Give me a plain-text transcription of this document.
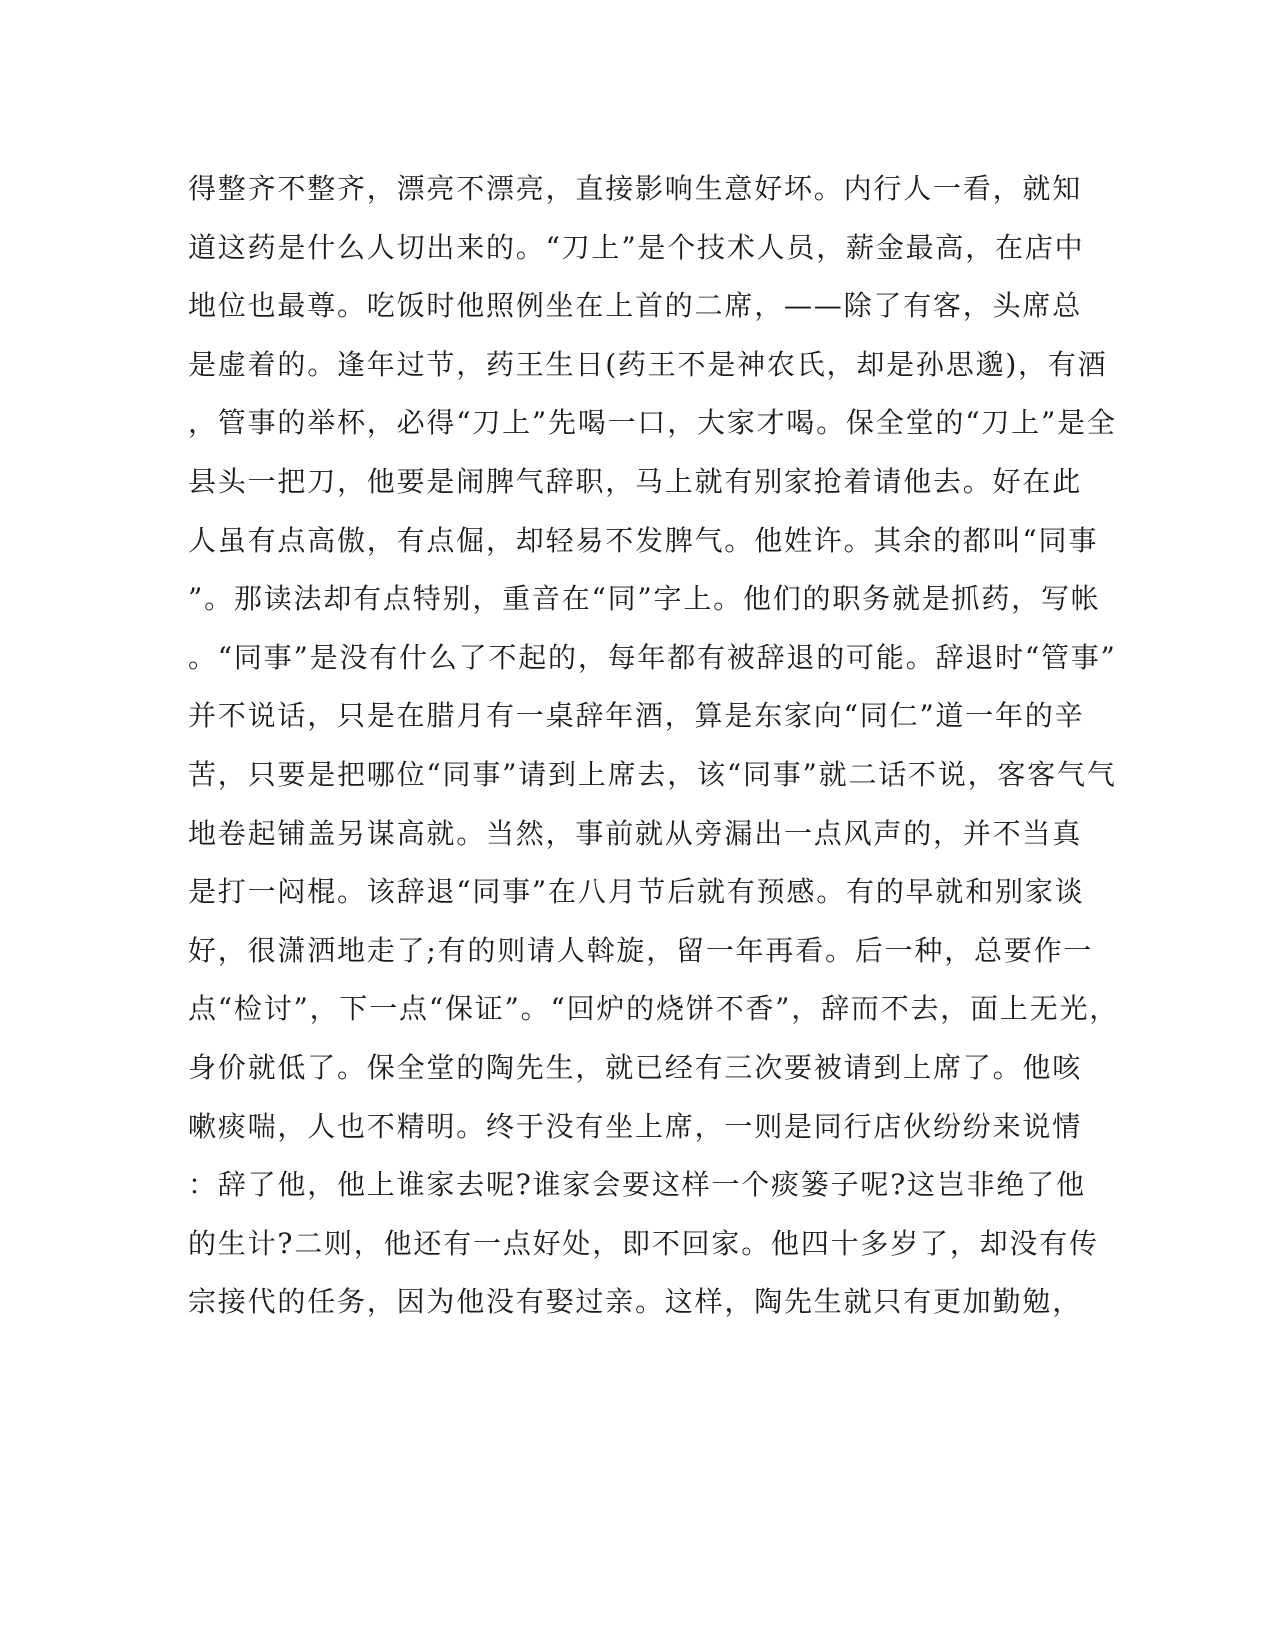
得整齐不整齐，漂亮不漂亮，直接影响生意好坏。内行人一看，就知
道这药是什么人切出来的。“刀上”是个技术人员，薪金最高，在店中
地位也最尊。吃饭时他照例坐在上首的二席，——除了有客，头席总
是虚着的。逢年过节，药王生日(药王不是神农氏，却是孙思邈)，有酒
，管事的举杯，必得“刀上”先喝一口，大家才喝。保全堂的“刀上”是全
县头一把刀，他要是闹脾气辞职，马上就有别家抢着请他去。好在此
人虽有点高傲，有点倔，却轻易不发脾气。他姓许。其余的都叫“同事
”。那读法却有点特别，重音在“同”字上。他们的职务就是抓药，写帐
。“同事”是没有什么了不起的，每年都有被辞退的可能。辞退时“管事”
并不说话，只是在腊月有一桌辞年酒，算是东家向“同仁”道一年的辛
苦，只要是把哪位“同事”请到上席去，该“同事”就二话不说，客客气气
地卷起铺盖另谋高就。当然，事前就从旁漏出一点风声的，并不当真
是打一闷棍。该辞退“同事”在八月节后就有预感。有的早就和别家谈
好，很潇洒地走了;有的则请人斡旋，留一年再看。后一种，总要作一
点“检讨”，下一点“保证”。“回炉的烧饼不香”，辞而不去，面上无光，
身价就低了。保全堂的陶先生，就已经有三次要被请到上席了。他咳
嗽痰喘，人也不精明。终于没有坐上席，一则是同行店伙纷纷来说情
：辞了他，他上谁家去呢?谁家会要这样一个痰篓子呢?这岂非绝了他
的生计?二则，他还有一点好处，即不回家。他四十多岁了，却没有传
宗接代的任务，因为他没有娶过亲。这样，陶先生就只有更加勤勉，
